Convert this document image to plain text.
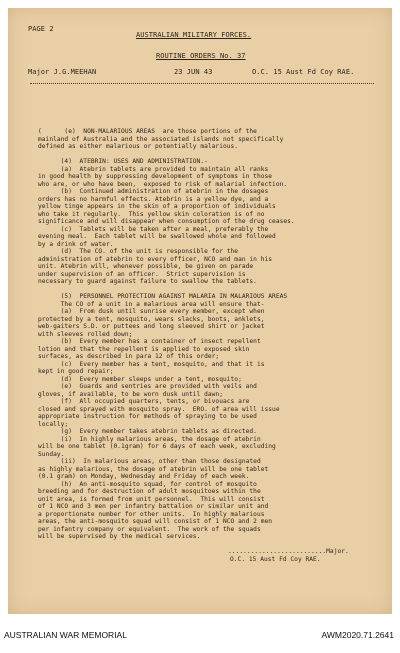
PAGE 2
AUSTRALIAN MILITARY FORCES.
ROUTINE ORDERS No. 37
Major J.G.MEEHAN	23 JUN 43	O.C. 15 Aust Fd Coy RAE.
(      (e)  NON-MALARIOUS AREAS  are those portions of the
mainland of Australia and the associated islands not specifically
defined as either malarious or potentially malarious.

(4)  ATEBRIN: USES AND ADMINISTRATION.-
(a)  Atebrin tablets are provided to maintain all ranks
in good health by suppressing development of symptoms in those
who are, or who have been,  exposed to risk of malarial infection.
(b)  Continued administration of atebrin in the dosages
orders has no harmful effects. Atebrin is a yellow dye, and a
yellow tinge appears in the skin of a proportion of individuals
who take it regularly.  This yellow skin coloration is of no
significance and will disappear when consumption of the drug ceases.
(c)  Tablets will be taken after a meal, preferably the
evening meal.  Each tablet will be swallowed whole and followed
by a drink of water.
(d)  The CO. of the unit is responsible for the
administration of atebrin to every officer, NCO and man in his
unit. Atebrin will, whenever possible, be given on parade
under supervision of an officer.  Strict supervision is
necessary to guard against failure to swallow the tablets.

(5)  PERSONNEL PROTECTION AGAINST MALARIA IN MALARIOUS AREAS
The CO of a unit in a malarious area will ensure that-
(a)  From dusk until sunrise every member, except when
protected by a tent, mosquito, wears slacks, boots, anklets,
web-gaiters S.D. or puttees and long sleeved shirt or jacket
with sleeves rolled down;
(b)  Every member has a container of insect repellent
lotion and that the repellent is applied to exposed skin
surfaces, as described in para 12 of this order;
(c)  Every member has a tent, mosquito, and that it is
kept in good repair;
(d)  Every member sleeps under a tent, mosquito;
(e)  Guards and sentries are provided with veils and
gloves, if available, to be worn dusk until dawn;
(f)  All occupied quarters, tents, or bivouacs are
closed and sprayed with mosquito spray.  ERO. of area will issue
appropriate instruction for methods of spraying to be used
locally;
(g)  Every member takes atebrin tablets as directed.
(i)  In highly malarious areas, the dosage of atebrin
will be one tablet (0.1gram) for 6 days of each week, excluding
Sunday.
(ii)  In malarious areas, other than those designated
as highly malarious, the dosage of atebrin will be one tablet
(0.1 gram) on Monday, Wednesday and Friday of each week.
(h)  An anti-mosquito squad, for control of mosquito
breeding and for destruction of adult mosquitoes within the
unit area, is formed from unit personnel.  This will consist
of 1 NCO and 3 men per infantry battalion or similar unit and
a proportionate number for other units.  In highly malarious
areas, the anti-mosquito squad will consist of 1 NCO and 2 men
per infantry company or equivalent.  The work of the squads
will be supervised by the medical services.
..........................Major.
O.C. 15 Aust Fd Coy RAE.
AUSTRALIAN WAR MEMORIAL	AWM2020.71.2641
